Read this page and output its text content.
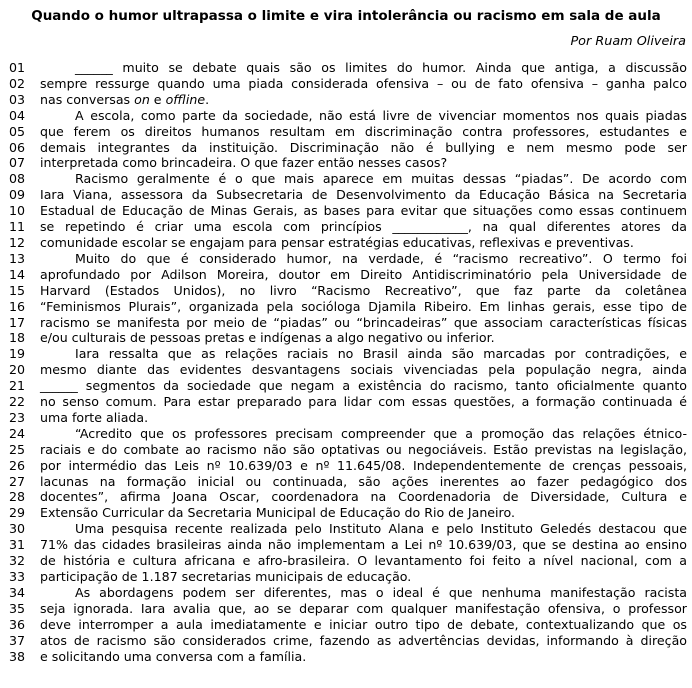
Quando o humor ultrapassa o limite e vira intolerância ou racismo em sala de aula
Por Ruam Oliveira
01	______ muito se debate quais são os limites do humor. Ainda que antiga, a discussão
02 sempre ressurge quando uma piada considerada ofensiva – ou de fato ofensiva – ganha palco
03 nas conversas on e offline.
04	A escola, como parte da sociedade, não está livre de vivenciar momentos nos quais piadas
05 que ferem os direitos humanos resultam em discriminação contra professores, estudantes e
06 demais integrantes da instituição. Discriminação não é bullying e nem mesmo pode ser
07 interpretada como brincadeira. O que fazer então nesses casos?
08	Racismo geralmente é o que mais aparece em muitas dessas “piadas”. De acordo com
09 Iara Viana, assessora da Subsecretaria de Desenvolvimento da Educação Básica na Secretaria
10 Estadual de Educação de Minas Gerais, as bases para evitar que situações como essas continuem
11 se repetindo é criar uma escola com princípios ____________, na qual diferentes atores da
12 comunidade escolar se engajam para pensar estratégias educativas, reflexivas e preventivas.
13	Muito do que é considerado humor, na verdade, é “racismo recreativo”. O termo foi
14 aprofundado por Adilson Moreira, doutor em Direito Antidiscriminatório pela Universidade de
15 Harvard (Estados Unidos), no livro “Racismo Recreativo”, que faz parte da coletânea
16 “Feminismos Plurais”, organizada pela socióloga Djamila Ribeiro. Em linhas gerais, esse tipo de
17 racismo se manifesta por meio de “piadas” ou “brincadeiras” que associam características físicas
18 e/ou culturais de pessoas pretas e indígenas a algo negativo ou inferior.
19	Iara ressalta que as relações raciais no Brasil ainda são marcadas por contradições, e
20 mesmo diante das evidentes desvantagens sociais vivenciadas pela população negra, ainda
21 ______ segmentos da sociedade que negam a existência do racismo, tanto oficialmente quanto
22 no senso comum. Para estar preparado para lidar com essas questões, a formação continuada é
23 uma forte aliada.
24	“Acredito que os professores precisam compreender que a promoção das relações étnico-
25 raciais e do combate ao racismo não são optativas ou negociáveis. Estão previstas na legislação,
26 por intermédio das Leis nº 10.639/03 e nº 11.645/08. Independentemente de crenças pessoais,
27 lacunas na formação inicial ou continuada, são ações inerentes ao fazer pedagógico dos
28 docentes”, afirma Joana Oscar, coordenadora na Coordenadoria de Diversidade, Cultura e
29 Extensão Curricular da Secretaria Municipal de Educação do Rio de Janeiro.
30	Uma pesquisa recente realizada pelo Instituto Alana e pelo Instituto Geledés destacou que
31 71% das cidades brasileiras ainda não implementam a Lei nº 10.639/03, que se destina ao ensino
32 de história e cultura africana e afro-brasileira. O levantamento foi feito a nível nacional, com a
33 participação de 1.187 secretarias municipais de educação.
34	As abordagens podem ser diferentes, mas o ideal é que nenhuma manifestação racista
35 seja ignorada. Iara avalia que, ao se deparar com qualquer manifestação ofensiva, o professor
36 deve interromper a aula imediatamente e iniciar outro tipo de debate, contextualizando que os
37 atos de racismo são considerados crime, fazendo as advertências devidas, informando à direção
38 e solicitando uma conversa com a família.
